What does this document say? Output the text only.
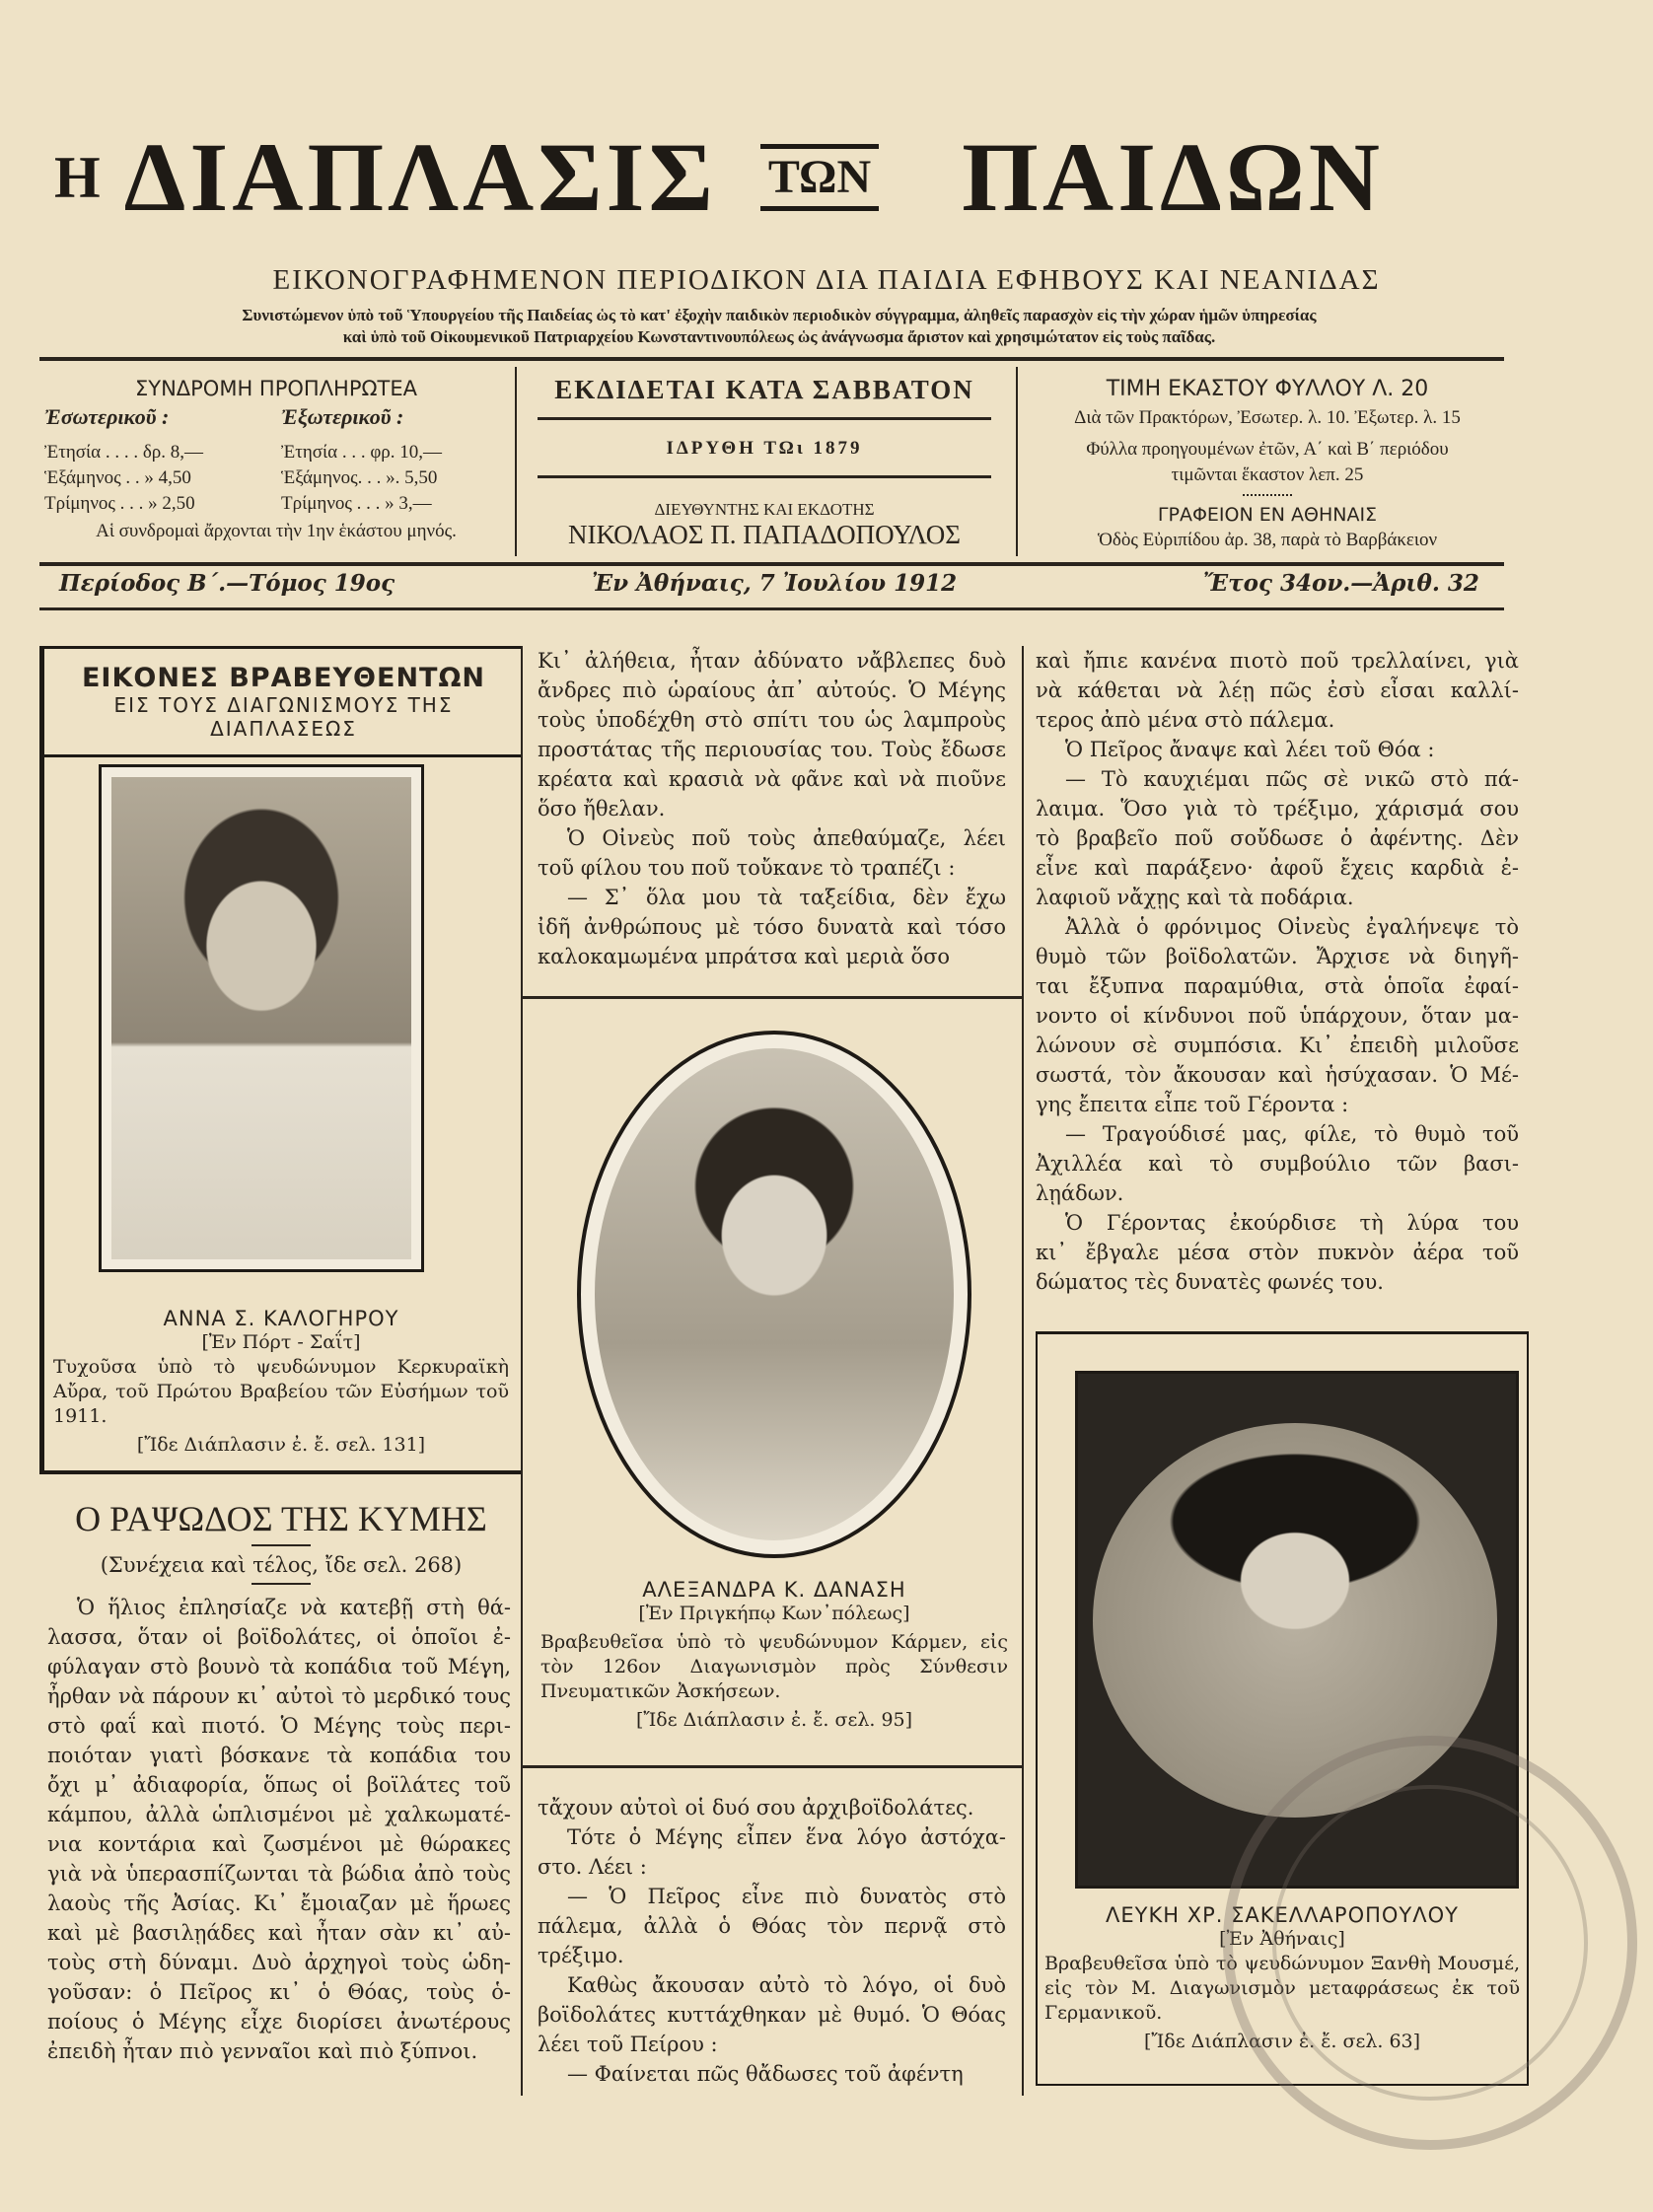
Η ΔΙΑΠΛΑΣΙΣ ΤΩΝ ΠΑΙΔΩΝ
ΕΙΚΟΝΟΓΡΑΦΗΜΕΝΟΝ ΠΕΡΙΟΔΙΚΟΝ ΔΙΑ ΠΑΙΔΙΑ ΕΦΗΒΟΥΣ ΚΑΙ ΝΕΑΝΙΔΑΣ
Συνιστώμενον ὑπὸ τοῦ Ὑπουργείου τῆς Παιδείας ὡς τὸ κατ' ἐξοχὴν παιδικὸν περιοδικὸν σύγγραμμα, ἀληθεῖς παρασχὸν εἰς τὴν χώραν ἡμῶν ὑπηρεσίας
καὶ ὑπὸ τοῦ Οἰκουμενικοῦ Πατριαρχείου Κωνσταντινουπόλεως ὡς ἀνάγνωσμα ἄριστον καὶ χρησιμώτατον εἰς τοὺς παῖδας.
ΣΥΝΔΡΟΜΗ ΠΡΟΠΛΗΡΩΤΕΑ
Ἐσωτερικοῦ :	Ἐξωτερικοῦ :
Ἐτησία . . . . δρ. 8,—	Ἐτησία . . . φρ. 10,—
Ἑξάμηνος . . » 4,50	Ἑξάμηνος. . . ». 5,50
Τρίμηνος . . . » 2,50	Τρίμηνος . . . » 3,—
Αἱ συνδρομαὶ ἄρχονται τὴν 1ην ἑκάστου μηνός.
ΕΚΔΙΔΕΤΑΙ ΚΑΤΑ ΣΑΒΒΑΤΟΝ
ΙΔΡΥΘΗ ΤΩι 1879
ΔΙΕΥΘΥΝΤΗΣ ΚΑΙ ΕΚΔΟΤΗΣ
ΝΙΚΟΛΑΟΣ Π. ΠΑΠΑΔΟΠΟΥΛΟΣ
ΤΙΜΗ ΕΚΑΣΤΟΥ ΦΥΛΛΟΥ Λ. 20
Διὰ τῶν Πρακτόρων, Ἐσωτερ. λ. 10. Ἐξωτερ. λ. 15
Φύλλα προηγουμένων ἐτῶν, Α΄ καὶ Β΄ περιόδου
τιμῶνται ἕκαστον λεπ. 25
ΓΡΑΦΕΙΟΝ ΕΝ ΑΘΗΝΑΙΣ
Ὁδὸς Εὐριπίδου ἀρ. 38, παρὰ τὸ Βαρβάκειον
Περίοδος Β΄.—Τόμος 19ος	Ἐν Ἀθήναις, 7 Ἰουλίου 1912	Ἔτος 34ον.—Ἀριθ. 32
ΕΙΚΟΝΕΣ ΒΡΑΒΕΥΘΕΝΤΩΝ
ΕΙΣ ΤΟΥΣ ΔΙΑΓΩΝΙΣΜΟΥΣ ΤΗΣ ΔΙΑΠΛΑΣΕΩΣ
ΑΝΝΑ Σ. ΚΑΛΟΓΗΡΟΥ
[Ἐν Πόρτ - Σαΐτ]
Τυχοῦσα ὑπὸ τὸ ψευδώνυμον Κερκυραϊκὴ Αὔρα, τοῦ Πρώτου Βραβείου τῶν Εὐσήμων τοῦ 1911.
[Ἴδε Διάπλασιν ἐ. ἔ. σελ. 131]
Ο ΡΑΨΩΔΟΣ ΤΗΣ ΚΥΜΗΣ
(Συνέχεια καὶ τέλος, ἴδε σελ. 268)
Ὁ ἥλιος ἐπλησίαζε νὰ κατεβῇ στὴ θά-
λασσα, ὅταν οἱ βοϊδολάτες, οἱ ὁποῖοι ἐ-
φύλαγαν στὸ βουνὸ τὰ κοπάδια τοῦ Μέγη,
ἦρθαν νὰ πάρουν κι᾽ αὐτοὶ τὸ μερδικό τους
στὸ φαΐ καὶ πιοτό. Ὁ Μέγης τοὺς περι-
ποιόταν γιατὶ βόσκανε τὰ κοπάδια του
ὄχι μ᾽ ἀδιαφορία, ὅπως οἱ βοϊλάτες τοῦ
κάμπου, ἀλλὰ ὡπλισμένοι μὲ χαλκωματέ-
νια κοντάρια καὶ ζωσμένοι μὲ θώρακες
γιὰ νὰ ὑπερασπίζωνται τὰ βώδια ἀπὸ τοὺς
λαοὺς τῆς Ἀσίας. Κι᾽ ἔμοιαζαν μὲ ἥρωες
καὶ μὲ βασιλῃάδες καὶ ἦταν σὰν κι᾽ αὐ-
τοὺς στὴ δύναμι. Δυὸ ἀρχηγοὶ τοὺς ὡδη-
γοῦσαν: ὁ Πεῖρος κι᾽ ὁ Θόας, τοὺς ὁ-
ποίους ὁ Μέγης εἶχε διορίσει ἀνωτέρους
ἐπειδὴ ἦταν πιὸ γενναῖοι καὶ πιὸ ξύπνοι.
Κι᾽ ἀλήθεια, ἦταν ἀδύνατο νἄβλεπες δυὸ
ἄνδρες πιὸ ὡραίους ἀπ᾽ αὐτούς. Ὁ Μέγης
τοὺς ὑποδέχθη στὸ σπίτι του ὡς λαμπροὺς
προστάτας τῆς περιουσίας του. Τοὺς ἔδωσε
κρέατα καὶ κρασιὰ νὰ φᾶνε καὶ νὰ πιοῦνε
ὅσο ἤθελαν.
Ὁ Οἰνεὺς ποῦ τοὺς ἀπεθαύμαζε, λέει
τοῦ φίλου του ποῦ τοὔκανε τὸ τραπέζι :
— Σ᾽ ὅλα μου τὰ ταξείδια, δὲν ἔχω
ἰδῆ ἀνθρώπους μὲ τόσο δυνατὰ καὶ τόσο
καλοκαμωμένα μπράτσα καὶ μεριὰ ὅσο
ΑΛΕΞΑΝΔΡΑ Κ. ΔΑΝΑΣΗ
[Ἐν Πριγκήπῳ Κων᾽πόλεως]
Βραβευθεῖσα ὑπὸ τὸ ψευδώνυμον Κάρμεν, εἰς τὸν 126ον Διαγωνισμὸν πρὸς Σύνθεσιν Πνευματικῶν Ἀσκήσεων.
[Ἴδε Διάπλασιν ἐ. ἔ. σελ. 95]
τἄχουν αὐτοὶ οἱ δυό σου ἀρχιβοϊδολάτες.
Τότε ὁ Μέγης εἶπεν ἕνα λόγο ἀστόχα-
στο. Λέει :
— Ὁ Πεῖρος εἶνε πιὸ δυνατὸς στὸ
πάλεμα, ἀλλὰ ὁ Θόας τὸν περνᾷ στὸ
τρέξιμο.
Καθὼς ἄκουσαν αὐτὸ τὸ λόγο, οἱ δυὸ
βοϊδολάτες κυττάχθηκαν μὲ θυμό. Ὁ Θόας
λέει τοῦ Πείρου :
— Φαίνεται πῶς θἄδωσες τοῦ ἀφέντη
καὶ ἤπιε κανένα πιοτὸ ποῦ τρελλαίνει, γιὰ
νὰ κάθεται νὰ λέῃ πῶς ἐσὺ εἶσαι καλλί-
τερος ἀπὸ μένα στὸ πάλεμα.
Ὁ Πεῖρος ἄναψε καὶ λέει τοῦ Θόα :
— Τὸ καυχιέμαι πῶς σὲ νικῶ στὸ πά-
λαιμα. Ὅσο γιὰ τὸ τρέξιμο, χάρισμά σου
τὸ βραβεῖο ποῦ σοὔδωσε ὁ ἀφέντης. Δὲν
εἶνε καὶ παράξενο· ἀφοῦ ἔχεις καρδιὰ ἐ-
λαφιοῦ νἄχῃς καὶ τὰ ποδάρια.
Ἀλλὰ ὁ φρόνιμος Οἰνεὺς ἐγαλήνεψε τὸ
θυμὸ τῶν βοϊδολατῶν. Ἄρχισε νὰ διηγῆ-
ται ἔξυπνα παραμύθια, στὰ ὁποῖα ἐφαί-
νοντο οἱ κίνδυνοι ποῦ ὑπάρχουν, ὅταν μα-
λώνουν σὲ συμπόσια. Κι᾽ ἐπειδὴ μιλοῦσε
σωστά, τὸν ἄκουσαν καὶ ἡσύχασαν. Ὁ Μέ-
γης ἔπειτα εἶπε τοῦ Γέροντα :
— Τραγούδισέ μας, φίλε, τὸ θυμὸ τοῦ
Ἀχιλλέα καὶ τὸ συμβούλιο τῶν βασι-
λῃάδων.
Ὁ Γέροντας ἐκούρδισε τὴ λύρα του
κι᾽ ἔβγαλε μέσα στὸν πυκνὸν ἀέρα τοῦ
δώματος τὲς δυνατὲς φωνές του.
ΛΕΥΚΗ ΧΡ. ΣΑΚΕΛΛΑΡΟΠΟΥΛΟΥ
[Ἐν Ἀθήναις]
Βραβευθεῖσα ὑπὸ τὸ ψευδώνυμον Ξανθὴ Μουσμέ, εἰς τὸν Μ. Διαγωνισμὸν μεταφράσεως ἐκ τοῦ Γερμανικοῦ.
[Ἴδε Διάπλασιν ἐ. ἔ. σελ. 63]
